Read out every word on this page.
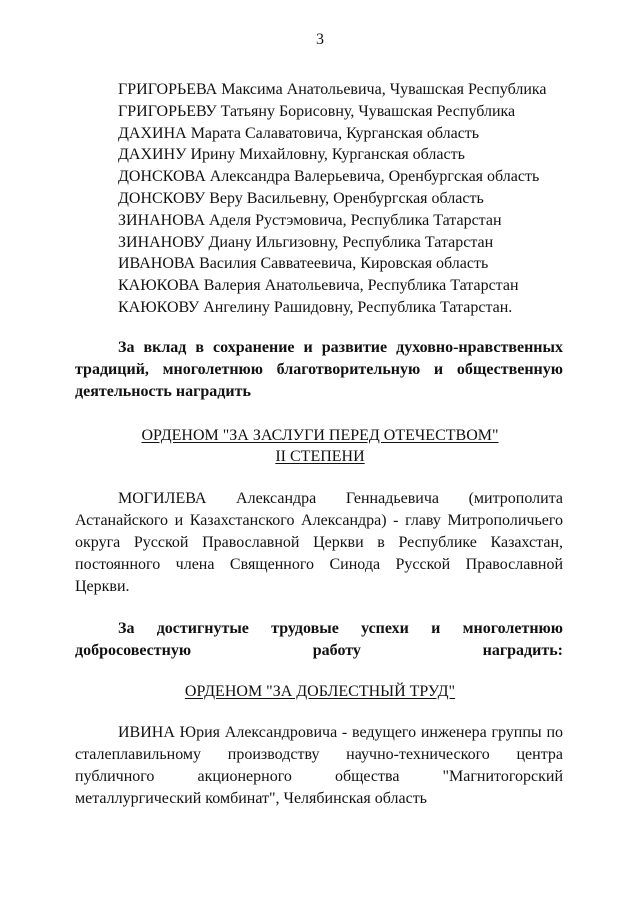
3
ГРИГОРЬЕВА Максима Анатольевича, Чувашская Республика
ГРИГОРЬЕВУ Татьяну Борисовну, Чувашская Республика
ДАХИНА Марата Салаватовича, Курганская область
ДАХИНУ Ирину Михайловну, Курганская область
ДОНСКОВА Александра Валерьевича, Оренбургская область
ДОНСКОВУ Веру Васильевну, Оренбургская область
ЗИНАНОВА Аделя Рустэмовича, Республика Татарстан
ЗИНАНОВУ Диану Ильгизовну, Республика Татарстан
ИВАНОВА Василия Савватеевича, Кировская область
КАЮКОВА Валерия Анатольевича, Республика Татарстан
КАЮКОВУ Ангелину Рашидовну, Республика Татарстан.
За вклад в сохранение и развитие духовно-нравственных традиций, многолетнюю благотворительную и общественную деятельность наградить
ОРДЕНОМ "ЗА ЗАСЛУГИ ПЕРЕД ОТЕЧЕСТВОМ"
II СТЕПЕНИ
МОГИЛЕВА Александра Геннадьевича (митрополита Астанайского и Казахстанского Александра) - главу Митрополичьего округа Русской Православной Церкви в Республике Казахстан, постоянного члена Священного Синода Русской Православной Церкви.
За достигнутые трудовые успехи и многолетнюю добросовестную работу наградить:
ОРДЕНОМ "ЗА ДОБЛЕСТНЫЙ ТРУД"
ИВИНА Юрия Александровича - ведущего инженера группы по сталеплавильному производству научно-технического центра публичного акционерного общества "Магнитогорский металлургический комбинат", Челябинская область
